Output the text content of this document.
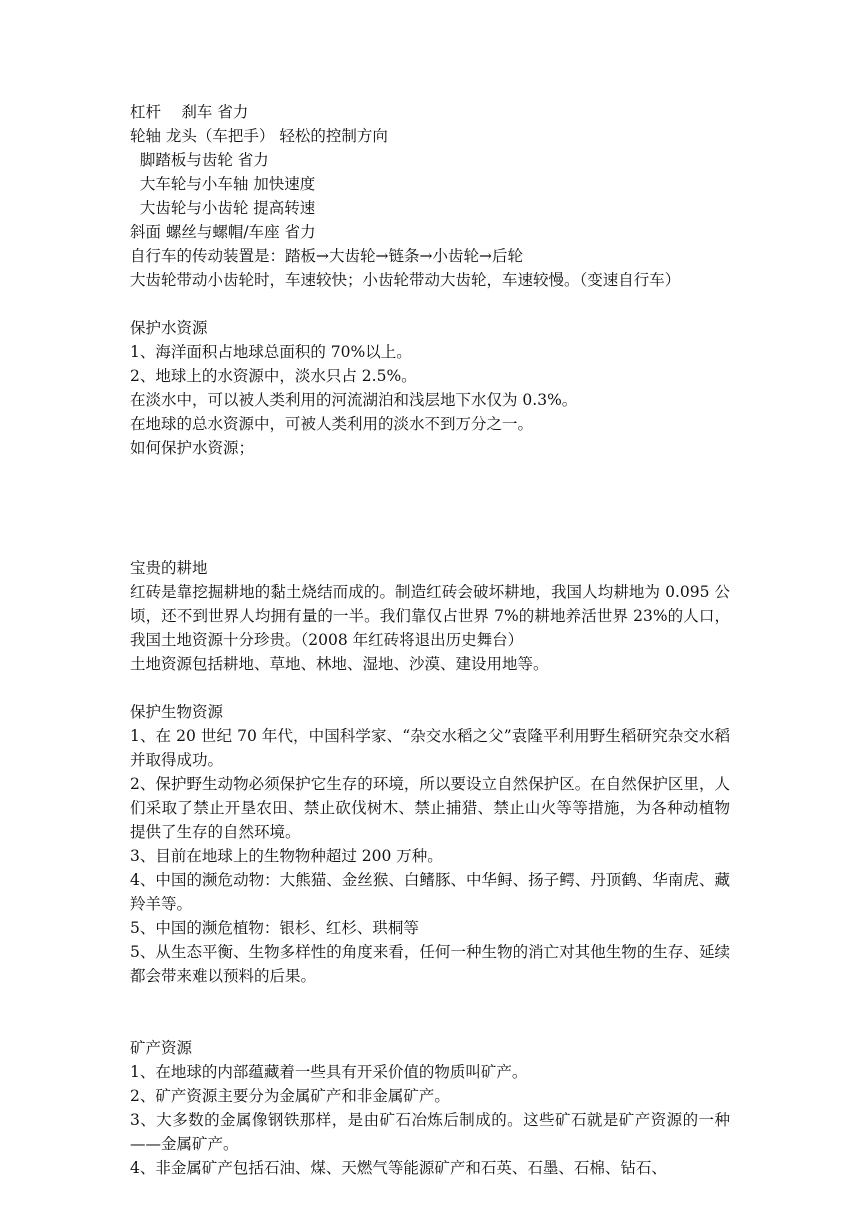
杠杆　 刹车 省力
轮轴 龙头（车把手） 轻松的控制方向
脚踏板与齿轮 省力
大车轮与小车轴 加快速度
大齿轮与小齿轮 提高转速
斜面 螺丝与螺帽/车座 省力
自行车的传动装置是：踏板→大齿轮→链条→小齿轮→后轮
大齿轮带动小齿轮时，车速较快；小齿轮带动大齿轮，车速较慢。（变速自行车）
保护水资源
1、海洋面积占地球总面积的 70%以上。
2、地球上的水资源中，淡水只占 2.5%。
在淡水中，可以被人类利用的河流湖泊和浅层地下水仅为 0.3%。
在地球的总水资源中，可被人类利用的淡水不到万分之一。
如何保护水资源；
宝贵的耕地
红砖是靠挖掘耕地的黏土烧结而成的。制造红砖会破坏耕地，我国人均耕地为 0.095 公顷，还不到世界人均拥有量的一半。我们靠仅占世界 7%的耕地养活世界 23%的人口，我国土地资源十分珍贵。（2008 年红砖将退出历史舞台）
土地资源包括耕地、草地、林地、湿地、沙漠、建设用地等。
保护生物资源
1、在 20 世纪 70 年代，中国科学家、“杂交水稻之父”袁隆平利用野生稻研究杂交水稻并取得成功。
2、保护野生动物必须保护它生存的环境，所以要设立自然保护区。在自然保护区里，人们采取了禁止开垦农田、禁止砍伐树木、禁止捕猎、禁止山火等等措施，为各种动植物提供了生存的自然环境。
3、目前在地球上的生物物种超过 200 万种。
4、中国的濒危动物：大熊猫、金丝猴、白鳍豚、中华鲟、扬子鳄、丹顶鹤、华南虎、藏羚羊等。
5、中国的濒危植物：银杉、红杉、珙桐等
5、从生态平衡、生物多样性的角度来看，任何一种生物的消亡对其他生物的生存、延续都会带来难以预料的后果。
矿产资源
1、在地球的内部蕴藏着一些具有开采价值的物质叫矿产。
2、矿产资源主要分为金属矿产和非金属矿产。
3、大多数的金属像钢铁那样，是由矿石冶炼后制成的。这些矿石就是矿产资源的一种——金属矿产。
4、非金属矿产包括石油、煤、天燃气等能源矿产和石英、石墨、石棉、钻石、
